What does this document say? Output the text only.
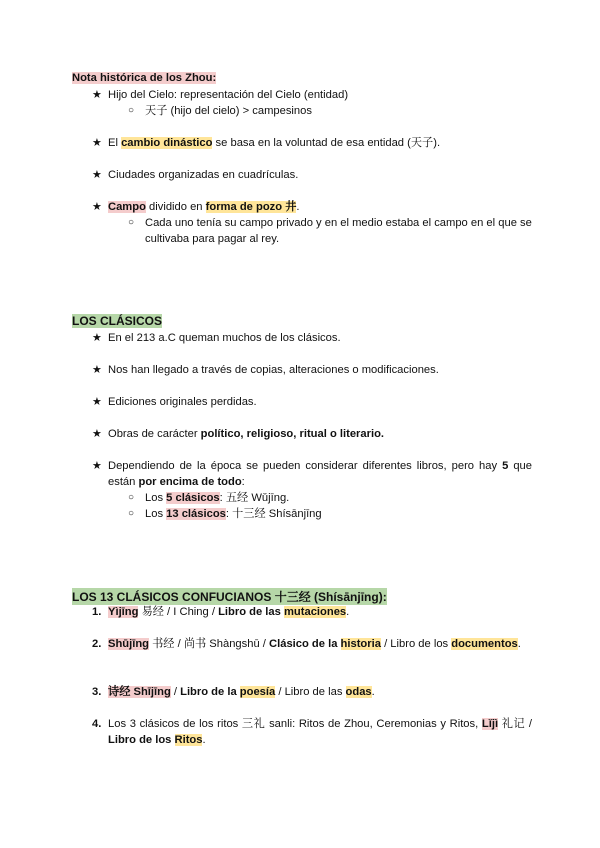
Nota histórica de los Zhou:
★ Hijo del Cielo: representación del Cielo (entidad)
○ 天子 (hijo del cielo) > campesinos
★ El cambio dinástico se basa en la voluntad de esa entidad (天子).
★ Ciudades organizadas en cuadrículas.
★ Campo dividido en forma de pozo 井.
○ Cada uno tenía su campo privado y en el medio estaba el campo en el que se cultivaba para pagar al rey.
LOS CLÁSICOS
★ En el 213 a.C queman muchos de los clásicos.
★ Nos han llegado a través de copias, alteraciones o modificaciones.
★ Ediciones originales perdidas.
★ Obras de carácter político, religioso, ritual o literario.
★ Dependiendo de la época se pueden considerar diferentes libros, pero hay 5 que están por encima de todo:
○ Los 5 clásicos: 五经 Wǔjīng.
○ Los 13 clásicos: 十三经 Shísānjīng
LOS 13 CLÁSICOS CONFUCIANOS 十三经 (Shísānjīng):
1. Yìjīng 易经 / I Ching / Libro de las mutaciones.
2. Shūjīng 书经 / 尚书 Shàngshū / Clásico de la historia / Libro de los documentos.
3. 诗经 Shījīng / Libro de la poesía / Libro de las odas.
4. Los 3 clásicos de los ritos 三礼 sanli: Ritos de Zhou, Ceremonias y Ritos, Lǐjì 礼记 / Libro de los Ritos.
